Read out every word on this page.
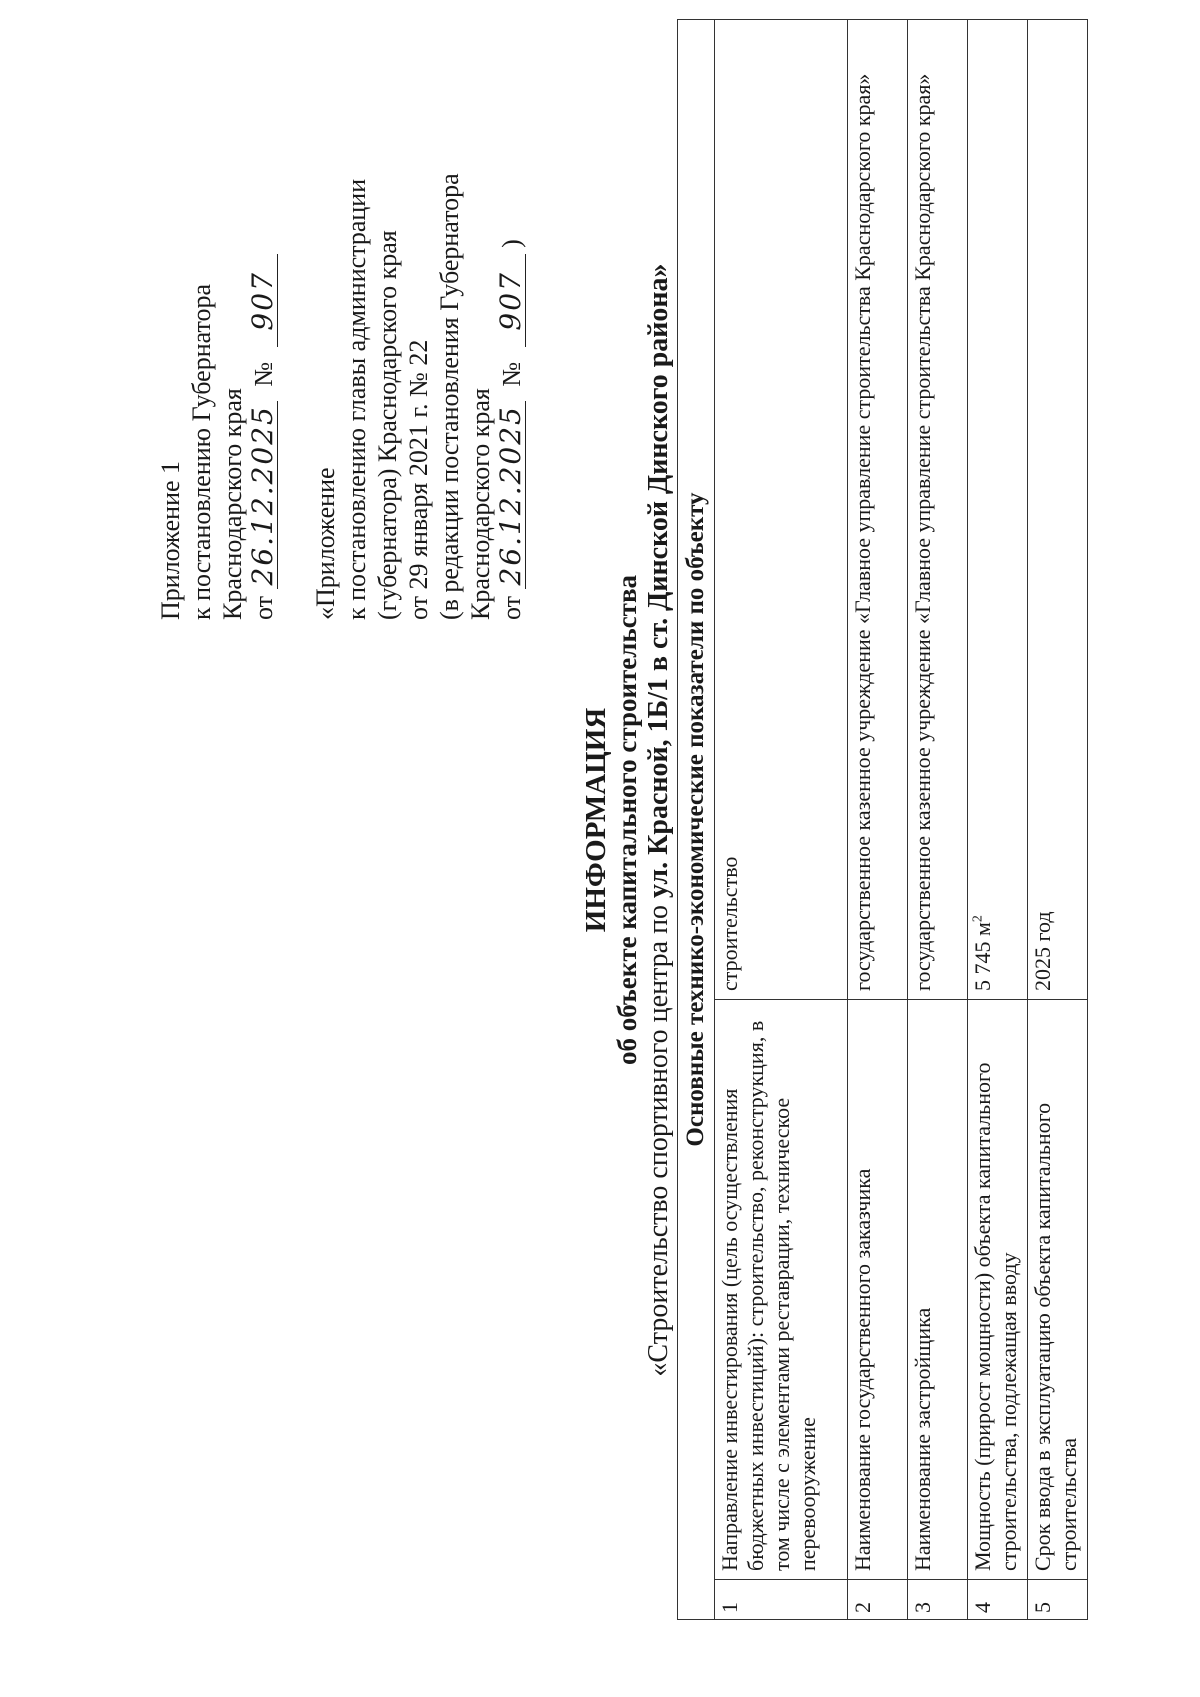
Приложение 1 к постановлению Губернатора Краснодарского края от 26.12.2025 № 907
«Приложение к постановлению главы администрации (губернатора) Краснодарского края от 29 января 2021 г. № 22 (в редакции постановления Губернатора Краснодарского края от 26.12.2025 № 907 )
ИНФОРМАЦИЯ об объекте капитального строительства
«Строительство спортивного центра по ул. Красной, 1Б/1 в ст. Динской Динского района» Основные технико-экономические показатели по объекту		
1	Направление инвестирования (цель осуществления бюджетных инвестиций): строительство, реконструкция, в том числе с элементами реставрации, техническое перевооружение	строительство
2	Наименование государственного заказчика	государственное казенное учреждение «Главное управление строительства Краснодарского края»
3	Наименование застройщика	государственное казенное учреждение «Главное управление строительства Краснодарского края»
4	Мощность (прирост мощности) объекта капитального строительства, подлежащая вводу	5 745 $м^2$
5	Срок ввода в эксплуатацию объекта капитального строительства	2025 год
